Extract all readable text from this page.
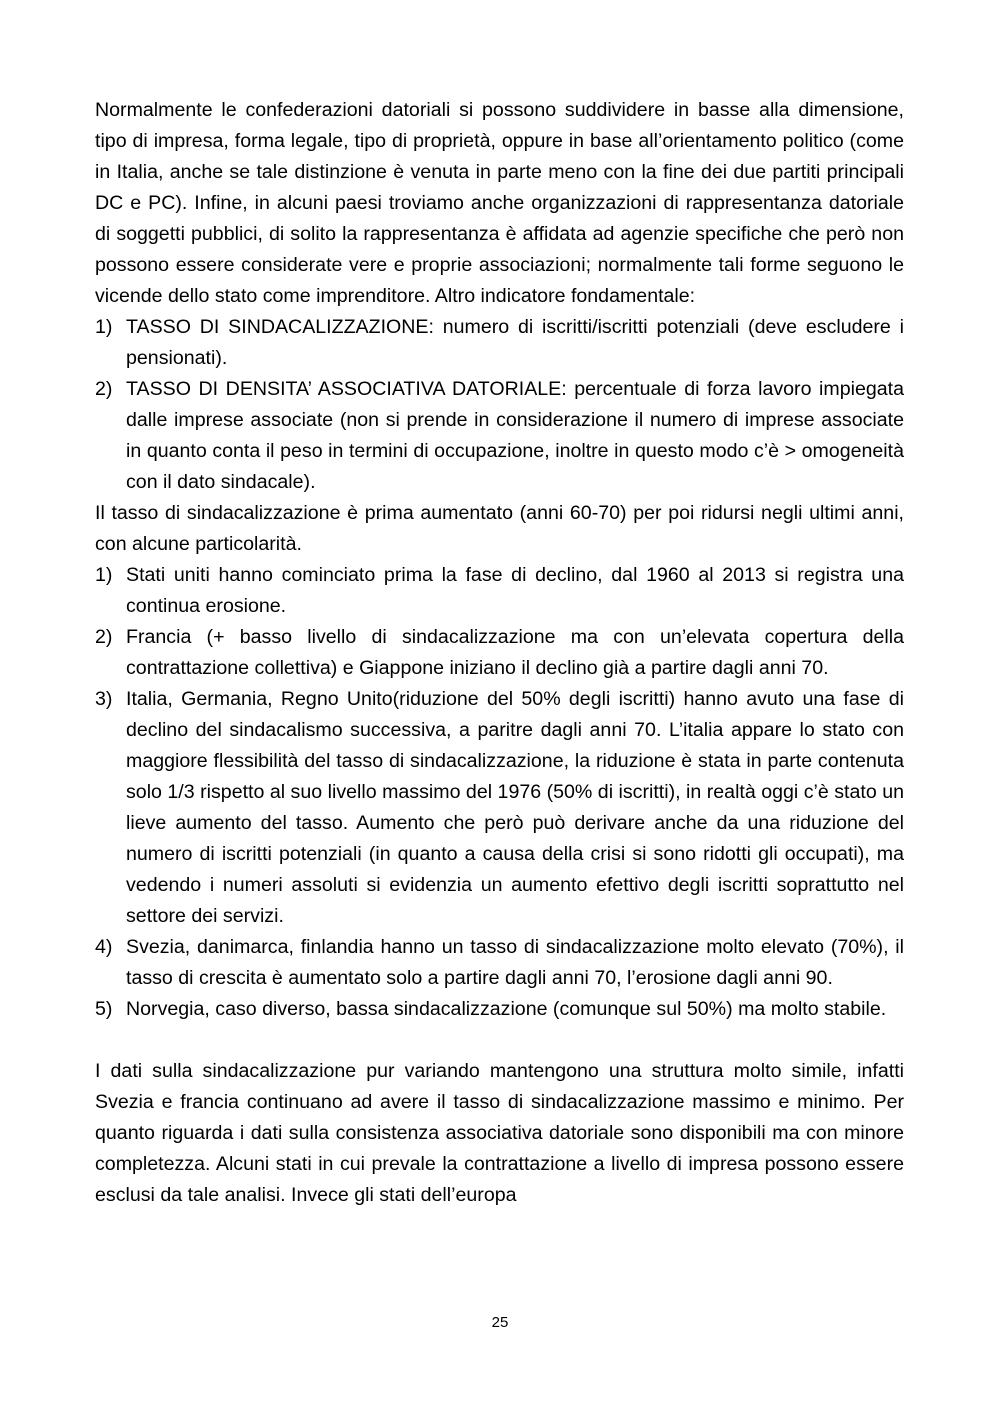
Normalmente le confederazioni datoriali si possono suddividere in basse alla dimensione, tipo di impresa, forma legale, tipo di proprietà, oppure in base all’orientamento politico (come in Italia, anche se tale distinzione è venuta in parte meno con la fine dei due partiti principali DC e PC). Infine, in alcuni paesi troviamo anche organizzazioni di rappresentanza datoriale di soggetti pubblici, di solito la rappresentanza è affidata ad agenzie specifiche che però non possono essere considerate vere e proprie associazioni; normalmente tali forme seguono le vicende dello stato come imprenditore. Altro indicatore fondamentale:

1) TASSO DI SINDACALIZZAZIONE: numero di iscritti/iscritti potenziali (deve escludere i pensionati).
2) TASSO DI DENSITA’ ASSOCIATIVA DATORIALE: percentuale di forza lavoro impiegata dalle imprese associate (non si prende in considerazione il numero di imprese associate in quanto conta il peso in termini di occupazione, inoltre in questo modo c’è > omogeneità con il dato sindacale).

Il tasso di sindacalizzazione è prima aumentato (anni 60-70) per poi ridursi negli ultimi anni, con alcune particolarità.

1) Stati uniti hanno cominciato prima la fase di declino, dal 1960 al 2013 si registra una continua erosione.
2) Francia (+ basso livello di sindacalizzazione ma con un’elevata copertura della contrattazione collettiva) e Giappone iniziano il declino già a partire dagli anni 70.
3) Italia, Germania, Regno Unito(riduzione del 50% degli iscritti) hanno avuto una fase di declino del sindacalismo successiva, a paritre dagli anni 70. L’italia appare lo stato con maggiore flessibilità del tasso di sindacalizzazione, la riduzione è stata in parte contenuta solo 1/3 rispetto al suo livello massimo del 1976 (50% di iscritti), in realtà oggi c’è stato un lieve aumento del tasso. Aumento che però può derivare anche da una riduzione del numero di iscritti potenziali (in quanto a causa della crisi si sono ridotti gli occupati), ma vedendo i numeri assoluti si evidenzia un aumento efettivo degli iscritti soprattutto nel settore dei servizi.
4) Svezia, danimarca, finlandia hanno un tasso di sindacalizzazione molto elevato (70%), il tasso di crescita è aumentato solo a partire dagli anni 70, l’erosione dagli anni 90.
5) Norvegia, caso diverso, bassa sindacalizzazione (comunque sul 50%) ma molto stabile.

I dati sulla sindacalizzazione pur variando mantengono una struttura molto simile, infatti Svezia e francia continuano ad avere il tasso di sindacalizzazione massimo e minimo. Per quanto riguarda i dati sulla consistenza associativa datoriale sono disponibili ma con minore completezza. Alcuni stati in cui prevale la contrattazione a livello di impresa possono essere esclusi da tale analisi. Invece gli stati dell’europa

25
